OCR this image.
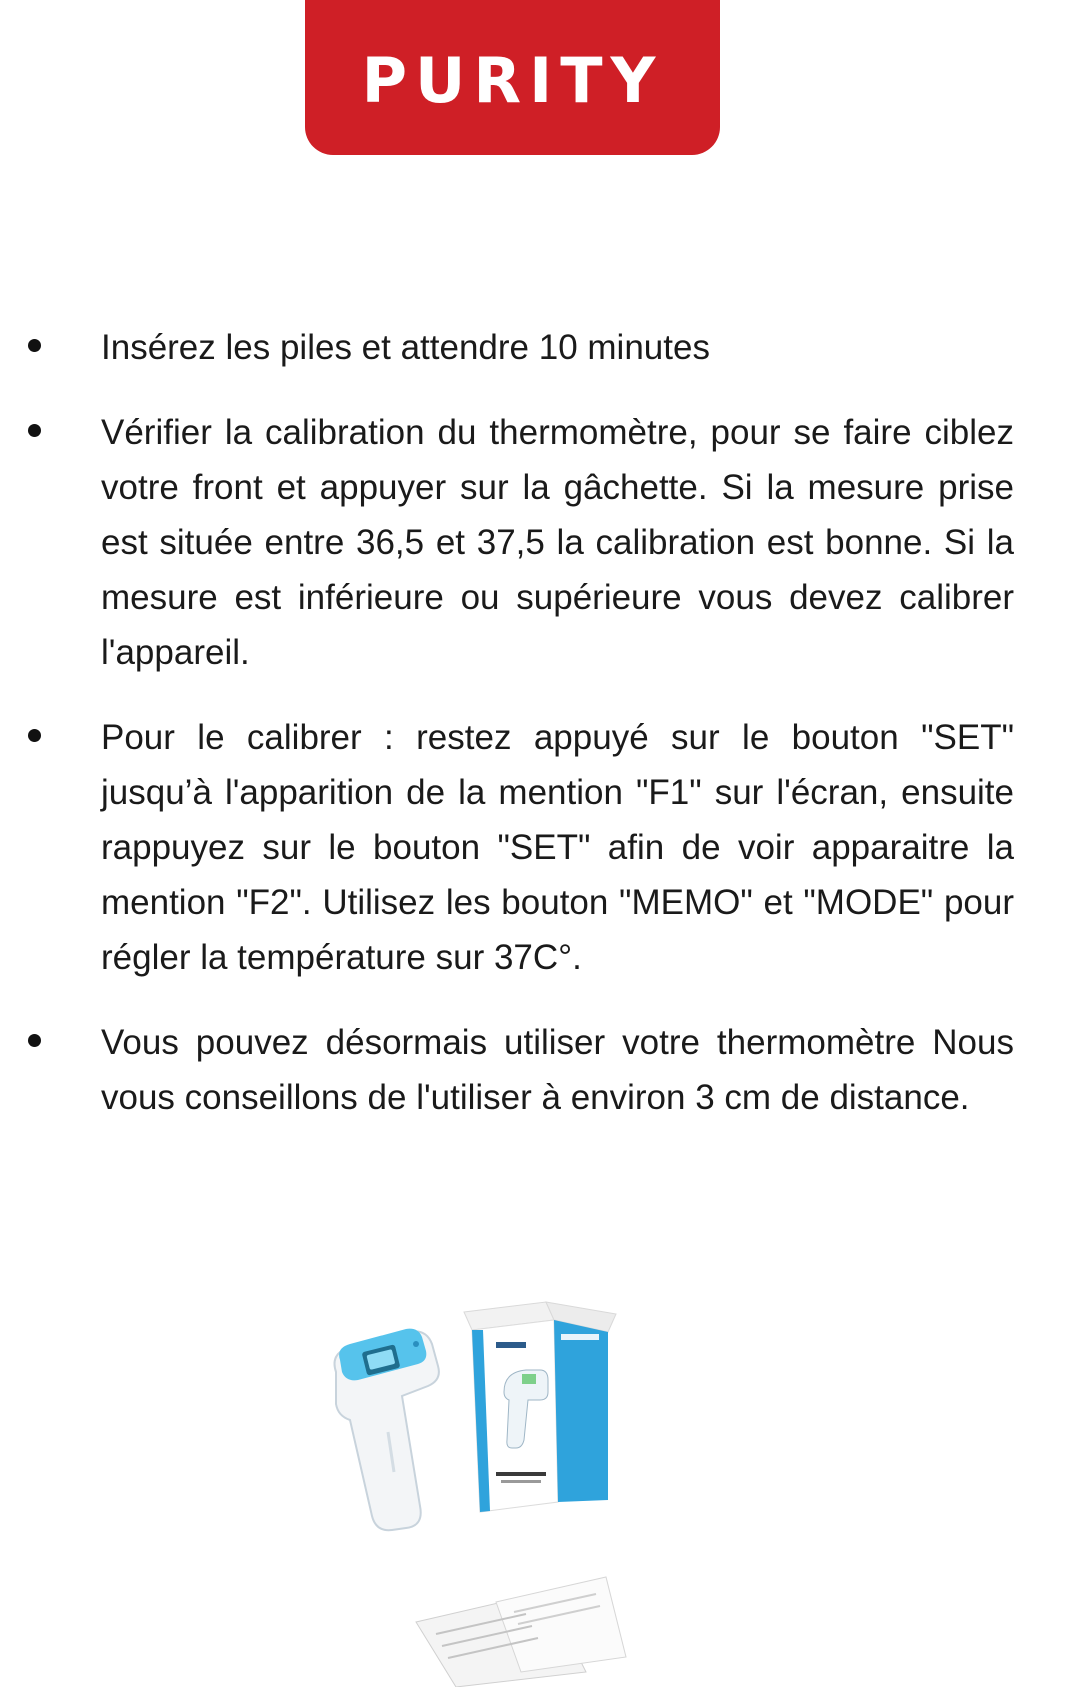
PURITY
Insérez les piles et attendre 10 minutes
Vérifier la calibration du thermomètre, pour se faire ciblez votre front et appuyer sur la gâchette. Si la mesure prise est située entre 36,5 et 37,5 la calibration est bonne. Si la mesure est inférieure ou supérieure vous devez calibrer l'appareil.
Pour le calibrer : restez appuyé sur le bouton "SET" jusqu’à l'apparition de la mention "F1" sur l'écran, ensuite rappuyez sur le bouton "SET" afin de voir apparaitre la mention "F2". Utilisez les bouton "MEMO" et "MODE" pour régler la température sur 37C°.
Vous pouvez désormais utiliser votre thermomètre Nous vous conseillons de l'utiliser à environ 3 cm de distance.
